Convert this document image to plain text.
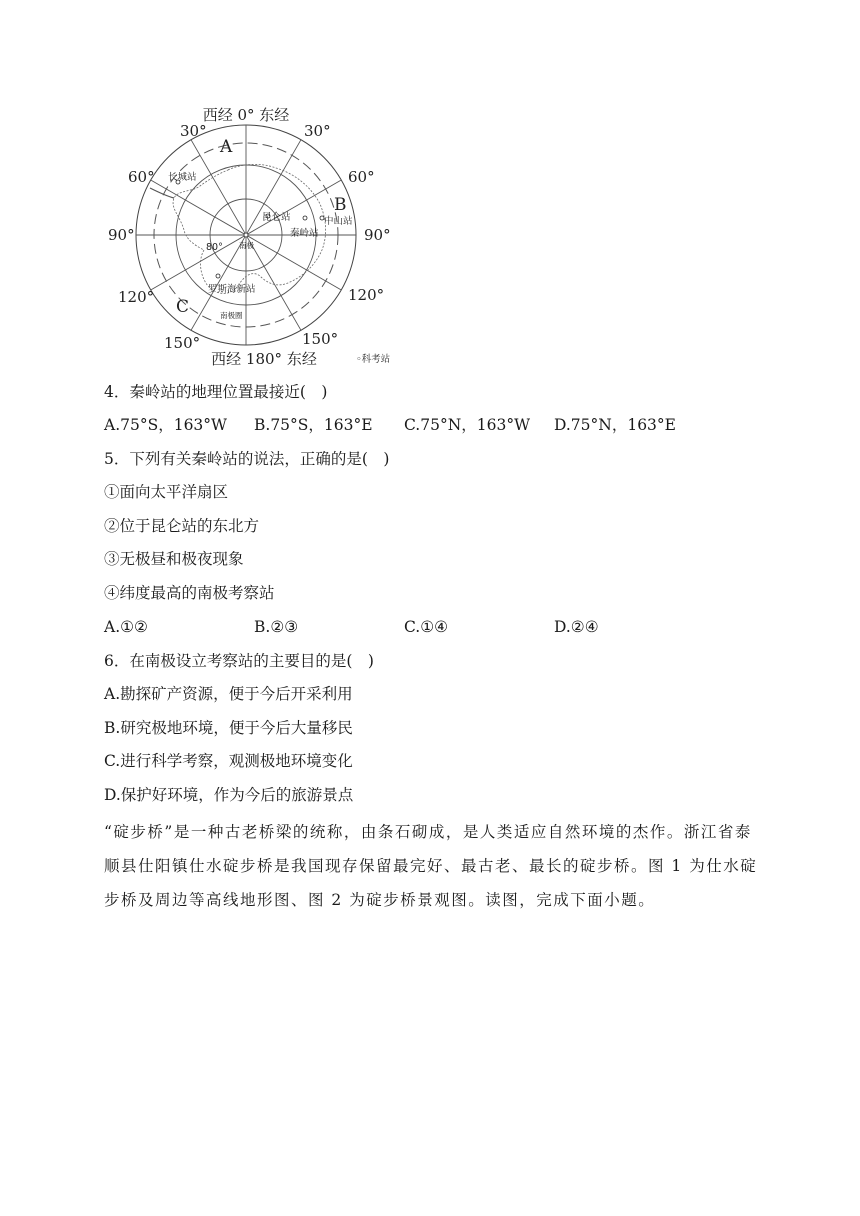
西经 0° 东经
西经 180° 东经	◦科考站
30°	30°
60°	60°
90°	90°
120°	120°
150°	150°
80°
A
B
C
长城站
昆仑站	中山站
秦岭站
罗斯海新站
南极
南极圈
4．秦岭站的地理位置最接近(　)
A.75°S，163°W B.75°S，163°E C.75°N，163°W D.75°N，163°E
5．下列有关秦岭站的说法，正确的是(　)
①面向太平洋扇区
②位于昆仑站的东北方
③无极昼和极夜现象
④纬度最高的南极考察站
A.①②	B.②③	C.①④	D.②④
6．在南极设立考察站的主要目的是(　)
A.勘探矿产资源，便于今后开采利用
B.研究极地环境，便于今后大量移民
C.进行科学考察，观测极地环境变化
D.保护好环境，作为今后的旅游景点
“碇步桥”是一种古老桥梁的统称，由条石砌成，是人类适应自然环境的杰作。浙江省泰顺县仕阳镇仕水碇步桥是我国现存保留最完好、最古老、最长的碇步桥。图 1 为仕水碇步桥及周边等高线地形图、图 2 为碇步桥景观图。读图，完成下面小题。
